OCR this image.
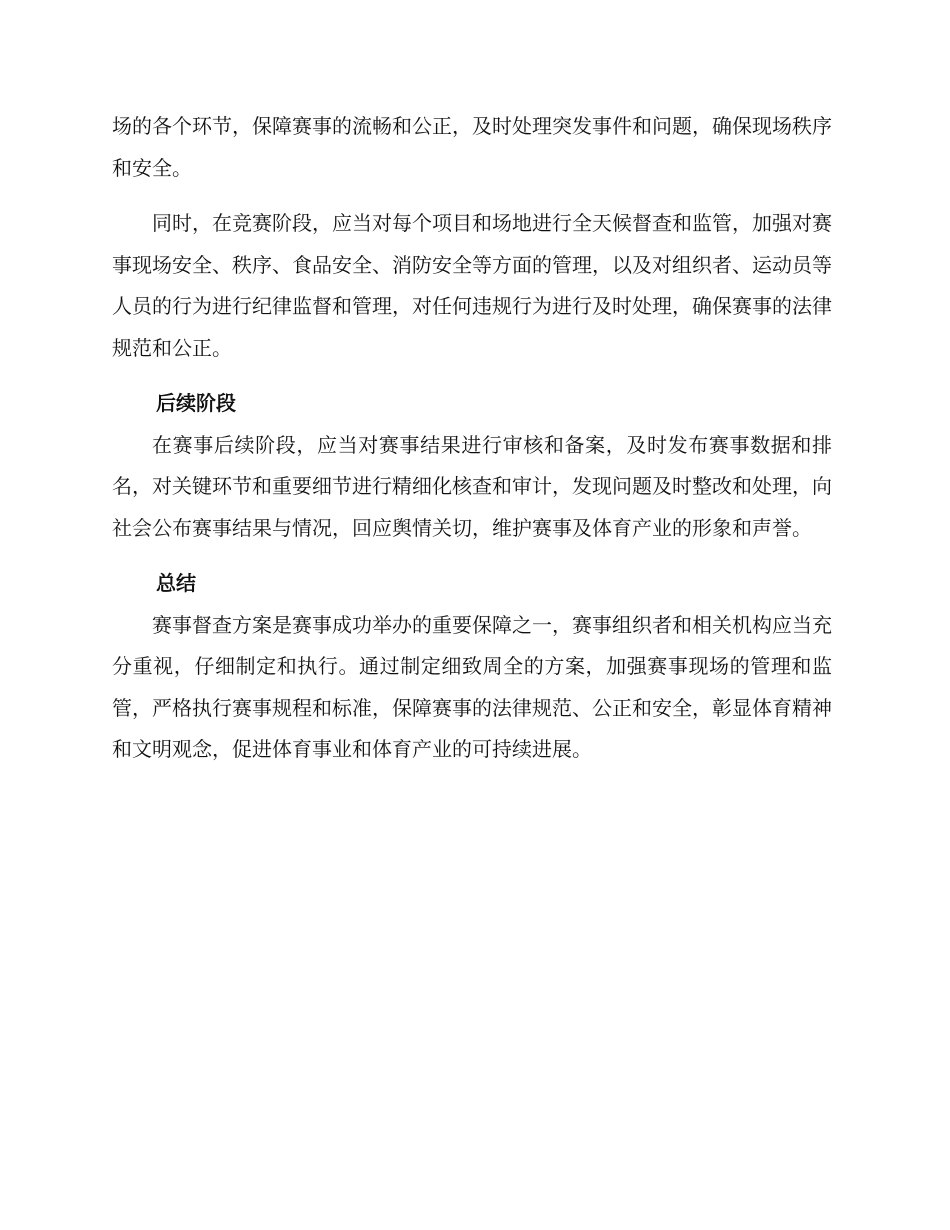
场的各个环节，保障赛事的流畅和公正，及时处理突发事件和问题，确保现场秩序和安全。

同时，在竞赛阶段，应当对每个项目和场地进行全天候督查和监管，加强对赛事现场安全、秩序、食品安全、消防安全等方面的管理，以及对组织者、运动员等人员的行为进行纪律监督和管理，对任何违规行为进行及时处理，确保赛事的法律规范和公正。

后续阶段

在赛事后续阶段，应当对赛事结果进行审核和备案，及时发布赛事数据和排名，对关键环节和重要细节进行精细化核查和审计，发现问题及时整改和处理，向社会公布赛事结果与情况，回应舆情关切，维护赛事及体育产业的形象和声誉。

总结

赛事督查方案是赛事成功举办的重要保障之一，赛事组织者和相关机构应当充分重视，仔细制定和执行。通过制定细致周全的方案，加强赛事现场的管理和监管，严格执行赛事规程和标准，保障赛事的法律规范、公正和安全，彰显体育精神和文明观念，促进体育事业和体育产业的可持续进展。
